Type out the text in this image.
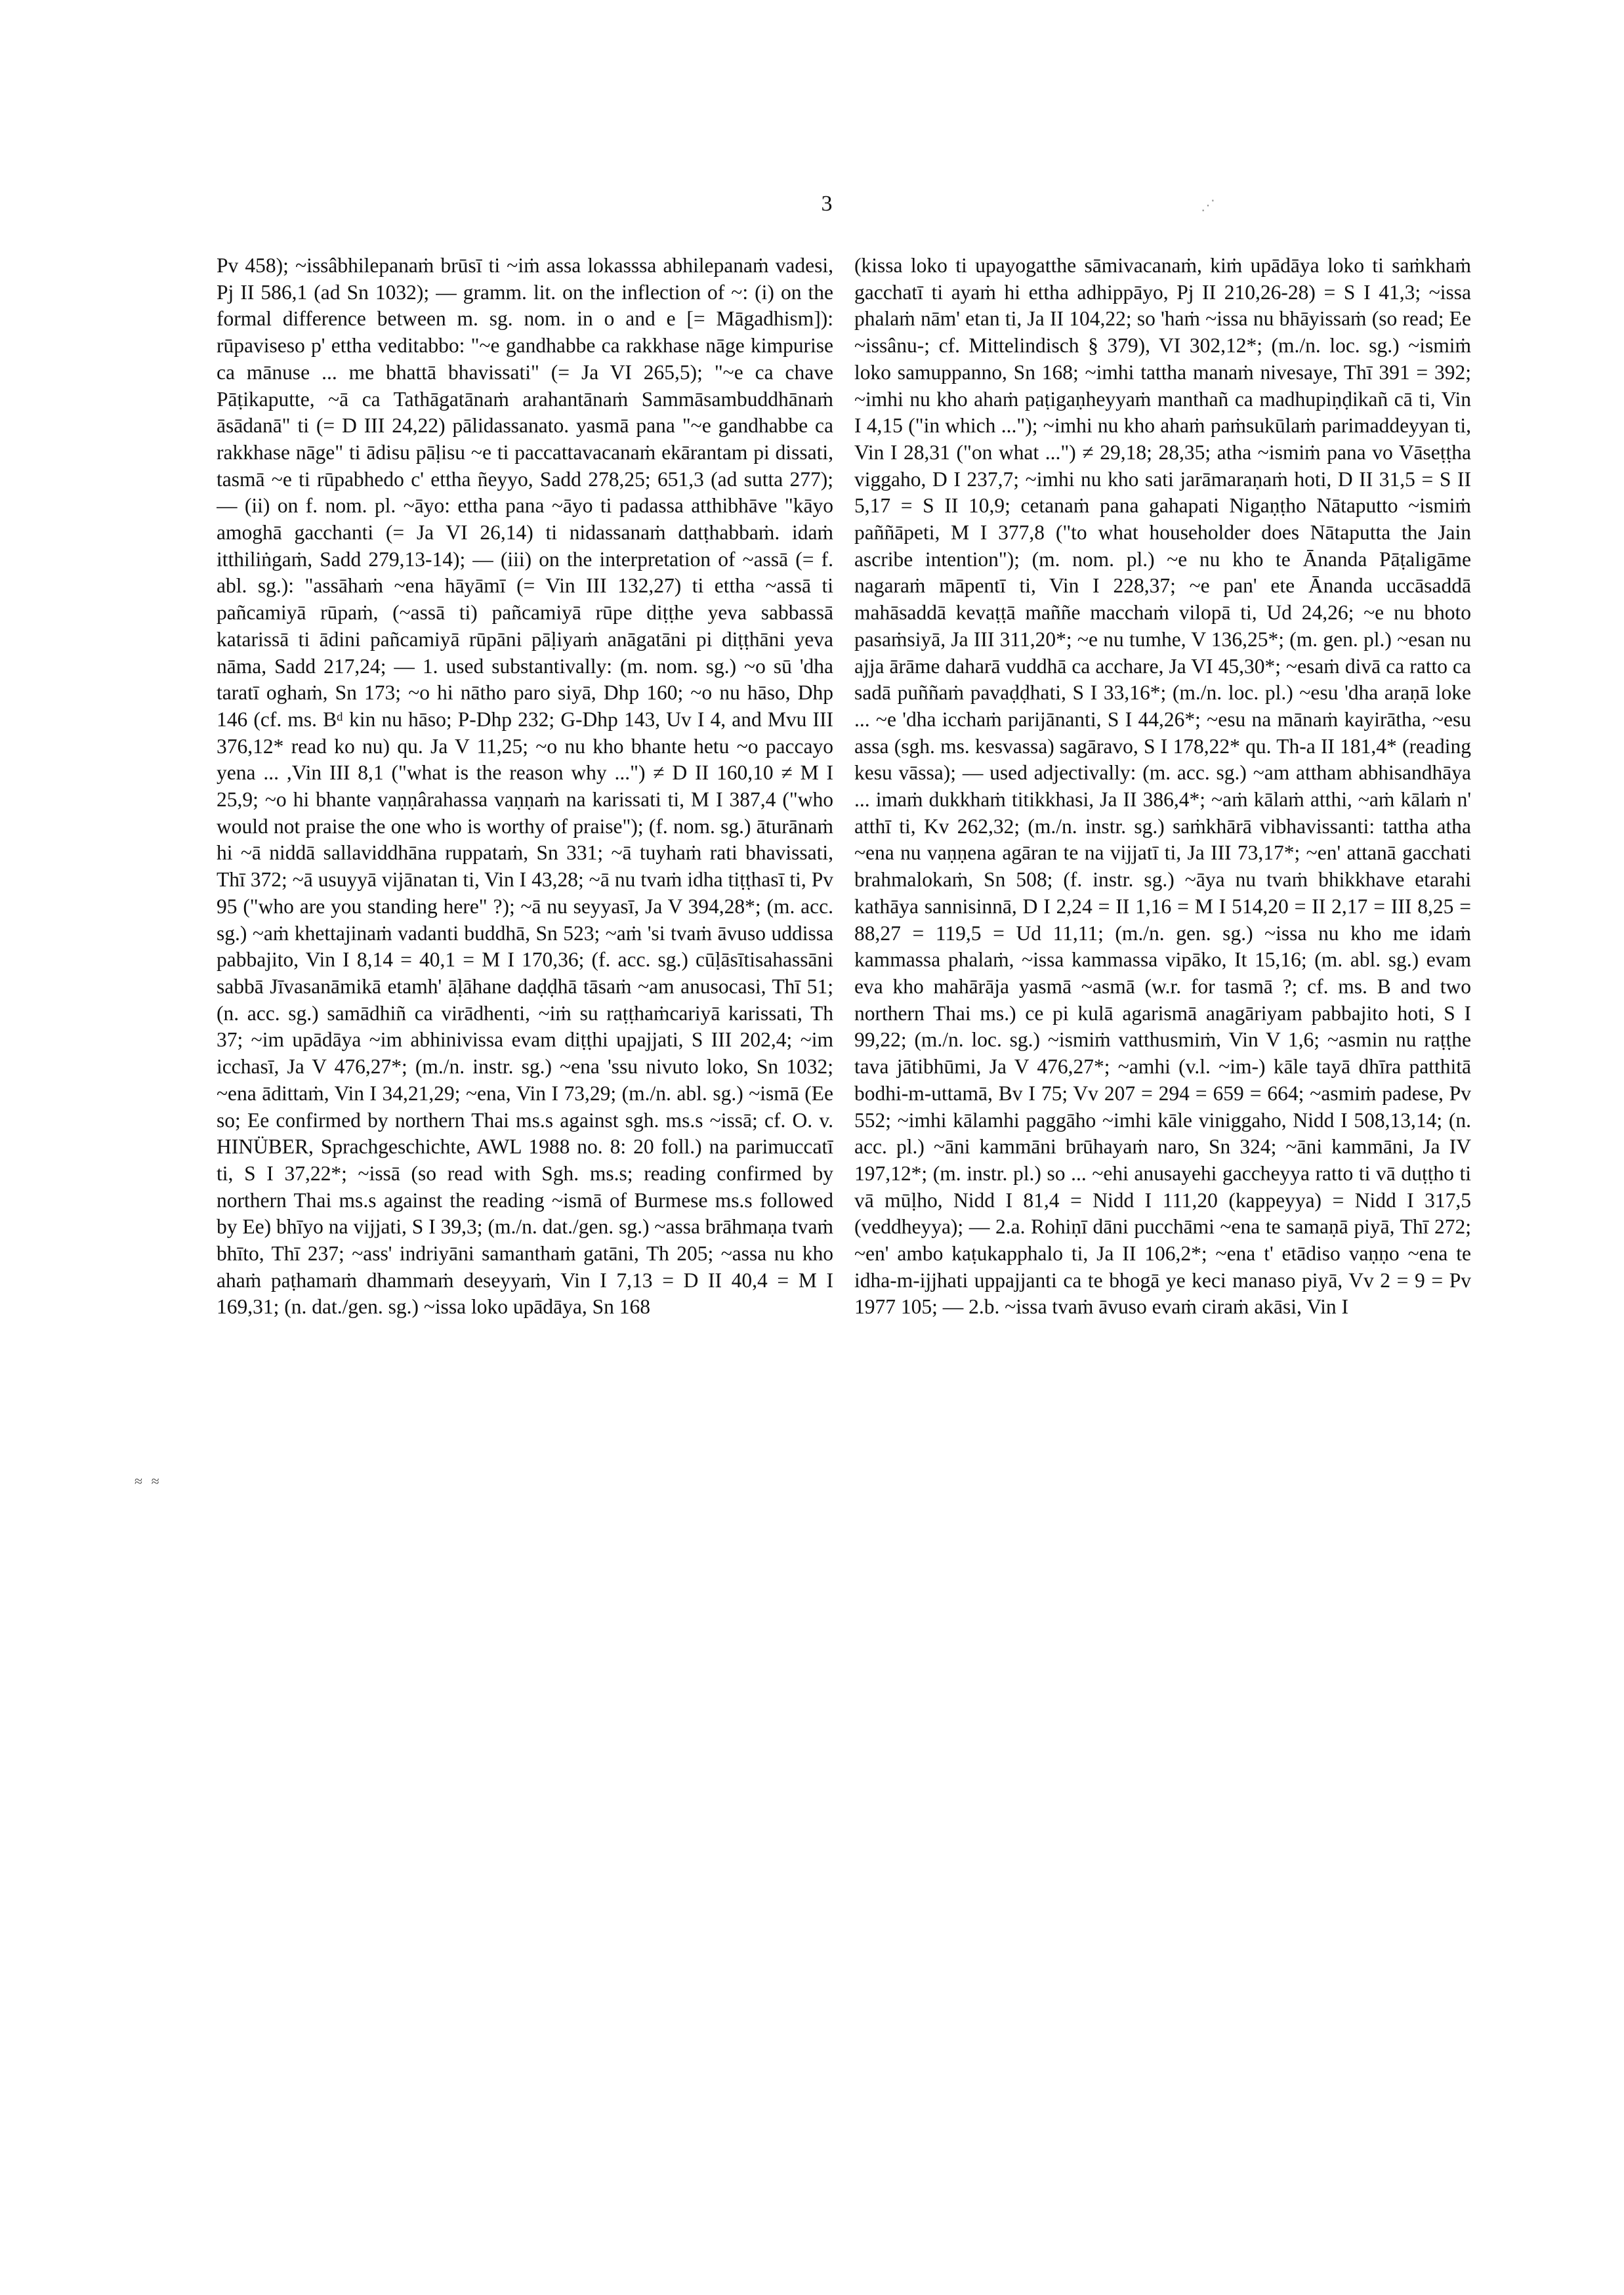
3	⋰
≈ ≈

Pv 458); ~issâbhilepanaṁ brūsī ti ~iṁ assa lokasssa abhilepanaṁ vadesi, Pj II 586,1 (ad Sn 1032); — gramm. lit. on the inflection of ~: (i) on the formal difference between m. sg. nom. in o and e [= Māgadhism]): rūpaviseso p' ettha veditabbo: "~e gandhabbe ca rakkhase nāge kimpurise ca mānuse ... me bhattā bhavissati" (= Ja VI 265,5); "~e ca chave Pāṭikaputte, ~ā ca Tathāgatānaṁ arahantānaṁ Sammāsambuddhānaṁ āsādanā" ti (= D III 24,22) pālidassanato. yasmā pana "~e gandhabbe ca rakkhase nāge" ti ādisu pāḷisu ~e ti paccattavacanaṁ ekārantam pi dissati, tasmā ~e ti rūpabhedo c' ettha ñeyyo, Sadd 278,25; 651,3 (ad sutta 277); — (ii) on f. nom. pl. ~āyo: ettha pana ~āyo ti padassa atthibhāve "kāyo amoghā gacchanti (= Ja VI 26,14) ti nidassanaṁ datṭhabbaṁ. idaṁ itthiliṅgaṁ, Sadd 279,13-14); — (iii) on the interpretation of ~assā (= f. abl. sg.): "assāhaṁ ~ena hāyāmī (= Vin III 132,27) ti ettha ~assā ti pañcamiyā rūpaṁ, (~assā ti) pañcamiyā rūpe diṭṭhe yeva sabbassā katarissā ti ādini pañcamiyā rūpāni pāḷiyaṁ anāgatāni pi diṭṭhāni yeva nāma, Sadd 217,24; — 1. used substantivally: (m. nom. sg.) ~o sū 'dha taratī oghaṁ, Sn 173; ~o hi nātho paro siyā, Dhp 160; ~o nu hāso, Dhp 146 (cf. ms. Bᵈ kin nu hāso; P-Dhp 232; G-Dhp 143, Uv I 4, and Mvu III 376,12* read ko nu) qu. Ja V 11,25; ~o nu kho bhante hetu ~o paccayo yena ... ,Vin III 8,1 ("what is the reason why ...") ≠ D II 160,10 ≠ M I 25,9; ~o hi bhante vaṇṇârahassa vaṇṇaṁ na karissati ti, M I 387,4 ("who would not praise the one who is worthy of praise"); (f. nom. sg.) āturānaṁ hi ~ā niddā sallaviddhāna ruppataṁ, Sn 331; ~ā tuyhaṁ rati bhavissati, Thī 372; ~ā usuyyā vijānatan ti, Vin I 43,28; ~ā nu tvaṁ idha tiṭṭhasī ti, Pv 95 ("who are you standing here" ?); ~ā nu seyyasī, Ja V 394,28*; (m. acc. sg.) ~aṁ khettajinaṁ vadanti buddhā, Sn 523; ~aṁ 'si tvaṁ āvuso uddissa pabbajito, Vin I 8,14 = 40,1 = M I 170,36; (f. acc. sg.) cūḷāsītisahassāni sabbā Jīvasanāmikā etamh' āḷāhane daḍḍhā tāsaṁ ~am anusocasi, Thī 51; (n. acc. sg.) samādhiñ ca virādhenti, ~iṁ su raṭṭhaṁcariyā karissati, Th 37; ~im upādāya ~im abhinivissa evam diṭṭhi upajjati, S III 202,4; ~im icchasī, Ja V 476,27*; (m./n. instr. sg.) ~ena 'ssu nivuto loko, Sn 1032; ~ena ādittaṁ, Vin I 34,21,29; ~ena, Vin I 73,29; (m./n. abl. sg.) ~ismā (Ee so; Ee confirmed by northern Thai ms.s against sgh. ms.s ~issā; cf. O. v. HINÜBER, Sprachgeschichte, AWL 1988 no. 8: 20 foll.) na parimuccatī ti, S I 37,22*; ~issā (so read with Sgh. ms.s; reading confirmed by northern Thai ms.s against the reading ~ismā of Burmese ms.s followed by Ee) bhīyo na vijjati, S I 39,3; (m./n. dat./gen. sg.) ~assa brāhmaṇa tvaṁ bhīto, Thī 237; ~ass' indriyāni samanthaṁ gatāni, Th 205; ~assa nu kho ahaṁ paṭhamaṁ dhammaṁ deseyyaṁ, Vin I 7,13 = D II 40,4 = M I 169,31; (n. dat./gen. sg.) ~issa loko upādāya, Sn 168

(kissa loko ti upayogatthe sāmivacanaṁ, kiṁ upādāya loko ti saṁkhaṁ gacchatī ti ayaṁ hi ettha adhippāyo, Pj II 210,26-28) = S I 41,3; ~issa phalaṁ nām' etan ti, Ja II 104,22; so 'haṁ ~issa nu bhāyissaṁ (so read; Ee ~issânu-; cf. Mittelindisch § 379), VI 302,12*; (m./n. loc. sg.) ~ismiṁ loko samuppanno, Sn 168; ~imhi tattha manaṁ nivesaye, Thī 391 = 392; ~imhi nu kho ahaṁ paṭigaṇheyyaṁ manthañ ca madhupiṇḍikañ cā ti, Vin I 4,15 ("in which ..."); ~imhi nu kho ahaṁ paṁsukūlaṁ parimaddeyyan ti, Vin I 28,31 ("on what ...") ≠ 29,18; 28,35; atha ~ismiṁ pana vo Vāseṭṭha viggaho, D I 237,7; ~imhi nu kho sati jarāmaraṇaṁ hoti, D II 31,5 = S II 5,17 = S II 10,9; cetanaṁ pana gahapati Nigaṇṭho Nātaputto ~ismiṁ paññāpeti, M I 377,8 ("to what householder does Nātaputta the Jain ascribe intention"); (m. nom. pl.) ~e nu kho te Ānanda Pāṭaligāme nagaraṁ māpentī ti, Vin I 228,37; ~e pan' ete Ānanda uccāsaddā mahāsaddā kevaṭṭā maññe macchaṁ vilopā ti, Ud 24,26; ~e nu bhoto pasaṁsiyā, Ja III 311,20*; ~e nu tumhe, V 136,25*; (m. gen. pl.) ~esan nu ajja ārāme daharā vuddhā ca acchare, Ja VI 45,30*; ~esaṁ divā ca ratto ca sadā puññaṁ pavaḍḍhati, S I 33,16*; (m./n. loc. pl.) ~esu 'dha araṇā loke ... ~e 'dha icchaṁ parijānanti, S I 44,26*; ~esu na mānaṁ kayirātha, ~esu assa (sgh. ms. kesvassa) sagāravo, S I 178,22* qu. Th-a II 181,4* (reading kesu vāssa); — used adjectivally: (m. acc. sg.) ~am attham abhisandhāya ... imaṁ dukkhaṁ titikkhasi, Ja II 386,4*; ~aṁ kālaṁ atthi, ~aṁ kālaṁ n' atthī ti, Kv 262,32; (m./n. instr. sg.) saṁkhārā vibhavissanti: tattha atha ~ena nu vaṇṇena agāran te na vijjatī ti, Ja III 73,17*; ~en' attanā gacchati brahmalokaṁ, Sn 508; (f. instr. sg.) ~āya nu tvaṁ bhikkhave etarahi kathāya sannisinnā, D I 2,24 = II 1,16 = M I 514,20 = II 2,17 = III 8,25 = 88,27 = 119,5 = Ud 11,11; (m./n. gen. sg.) ~issa nu kho me idaṁ kammassa phalaṁ, ~issa kammassa vipāko, It 15,16; (m. abl. sg.) evam eva kho mahārāja yasmā ~asmā (w.r. for tasmā ?; cf. ms. B and two northern Thai ms.) ce pi kulā agarismā anagāriyam pabbajito hoti, S I 99,22; (m./n. loc. sg.) ~ismiṁ vatthusmiṁ, Vin V 1,6; ~asmin nu raṭṭhe tava jātibhūmi, Ja V 476,27*; ~amhi (v.l. ~im-) kāle tayā dhīra patthitā bodhi-m-uttamā, Bv I 75; Vv 207 = 294 = 659 = 664; ~asmiṁ padese, Pv 552; ~imhi kālamhi paggāho ~imhi kāle viniggaho, Nidd I 508,13,14; (n. acc. pl.) ~āni kammāni brūhayaṁ naro, Sn 324; ~āni kammāni, Ja IV 197,12*; (m. instr. pl.) so ... ~ehi anusayehi gaccheyya ratto ti vā duṭṭho ti vā mūḷho, Nidd I 81,4 = Nidd I 111,20 (kappeyya) = Nidd I 317,5 (veddheyya); — 2.a. Rohiṇī dāni pucchāmi ~ena te samaṇā piyā, Thī 272; ~en' ambo kaṭukapphalo ti, Ja II 106,2*; ~ena t' etādiso vaṇṇo ~ena te idha-m-ijjhati uppajjanti ca te bhogā ye keci manaso piyā, Vv 2 = 9 = Pv 1977 105; — 2.b. ~issa tvaṁ āvuso evaṁ ciraṁ akāsi, Vin I
